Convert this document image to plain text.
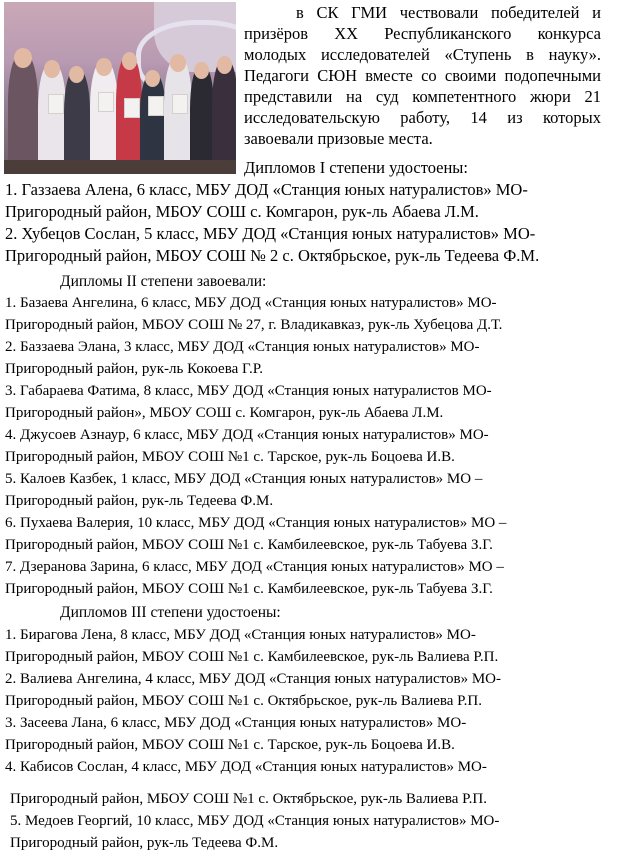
в СК ГМИ чествовали победителей и призёров XX Республиканского конкурса молодых исследователей «Ступень в науку». Педагоги СЮН вместе со своими подопечными представили на суд компетентного жюри 21 исследовательскую работу, 14 из которых завоевали призовые места.

Дипломов I степени удостоены:

1. Газзаева Алена, 6 класс, МБУ ДОД «Станция юных натуралистов» МО-

Пригородный район, МБОУ СОШ с. Комгарон, рук-ль Абаева Л.М.

2. Хубецов Сослан, 5 класс, МБУ ДОД «Станция юных натуралистов» МО-

Пригородный район, МБОУ СОШ № 2 с. Октябрьское, рук-ль Тедеева Ф.М.

Дипломы II степени завоевали:

1. Базаева Ангелина, 6 класс, МБУ ДОД «Станция юных натуралистов» МО-

Пригородный район, МБОУ СОШ № 27, г. Владикавказ, рук-ль Хубецова Д.Т.

2. Баззаева Элана, 3 класс, МБУ ДОД «Станция юных натуралистов» МО-

Пригородный район, рук-ль Кокоева Г.Р.

3. Габараева Фатима, 8 класс, МБУ ДОД «Станция юных натуралистов МО-

Пригородный район», МБОУ СОШ с. Комгарон, рук-ль Абаева Л.М.

4. Джусоев Азнаур, 6 класс, МБУ ДОД «Станция юных натуралистов» МО-

Пригородный район, МБОУ СОШ №1 с. Тарское, рук-ль Боцоева И.В.

5. Калоев Казбек, 1 класс, МБУ ДОД «Станция юных натуралистов» МО –

Пригородный район, рук-ль Тедеева Ф.М.

6. Пухаева Валерия, 10 класс, МБУ ДОД «Станция юных натуралистов» МО –

Пригородный район, МБОУ СОШ №1 с. Камбилеевское, рук-ль Табуева З.Г.

7. Дзеранова Зарина, 6 класс, МБУ ДОД «Станция юных натуралистов» МО –

Пригородный район, МБОУ СОШ №1 с. Камбилеевское, рук-ль Табуева З.Г.

Дипломов III степени удостоены:

1. Бирагова Лена, 8 класс, МБУ ДОД «Станция юных натуралистов» МО-

Пригородный район, МБОУ СОШ №1 с. Камбилеевское, рук-ль Валиева Р.П.

2. Валиева Ангелина, 4 класс, МБУ ДОД «Станция юных натуралистов» МО-

Пригородный район, МБОУ СОШ №1 с. Октябрьское, рук-ль Валиева Р.П.

3. Засеева Лана, 6 класс, МБУ ДОД «Станция юных натуралистов» МО-

Пригородный район, МБОУ СОШ №1 с. Тарское, рук-ль Боцоева И.В.

4. Кабисов Сослан, 4 класс, МБУ ДОД «Станция юных натуралистов» МО-

Пригородный район, МБОУ СОШ №1 с. Октябрьское, рук-ль Валиева Р.П.

5. Медоев Георгий, 10 класс, МБУ ДОД «Станция юных натуралистов» МО-

Пригородный район, рук-ль Тедеева Ф.М.
